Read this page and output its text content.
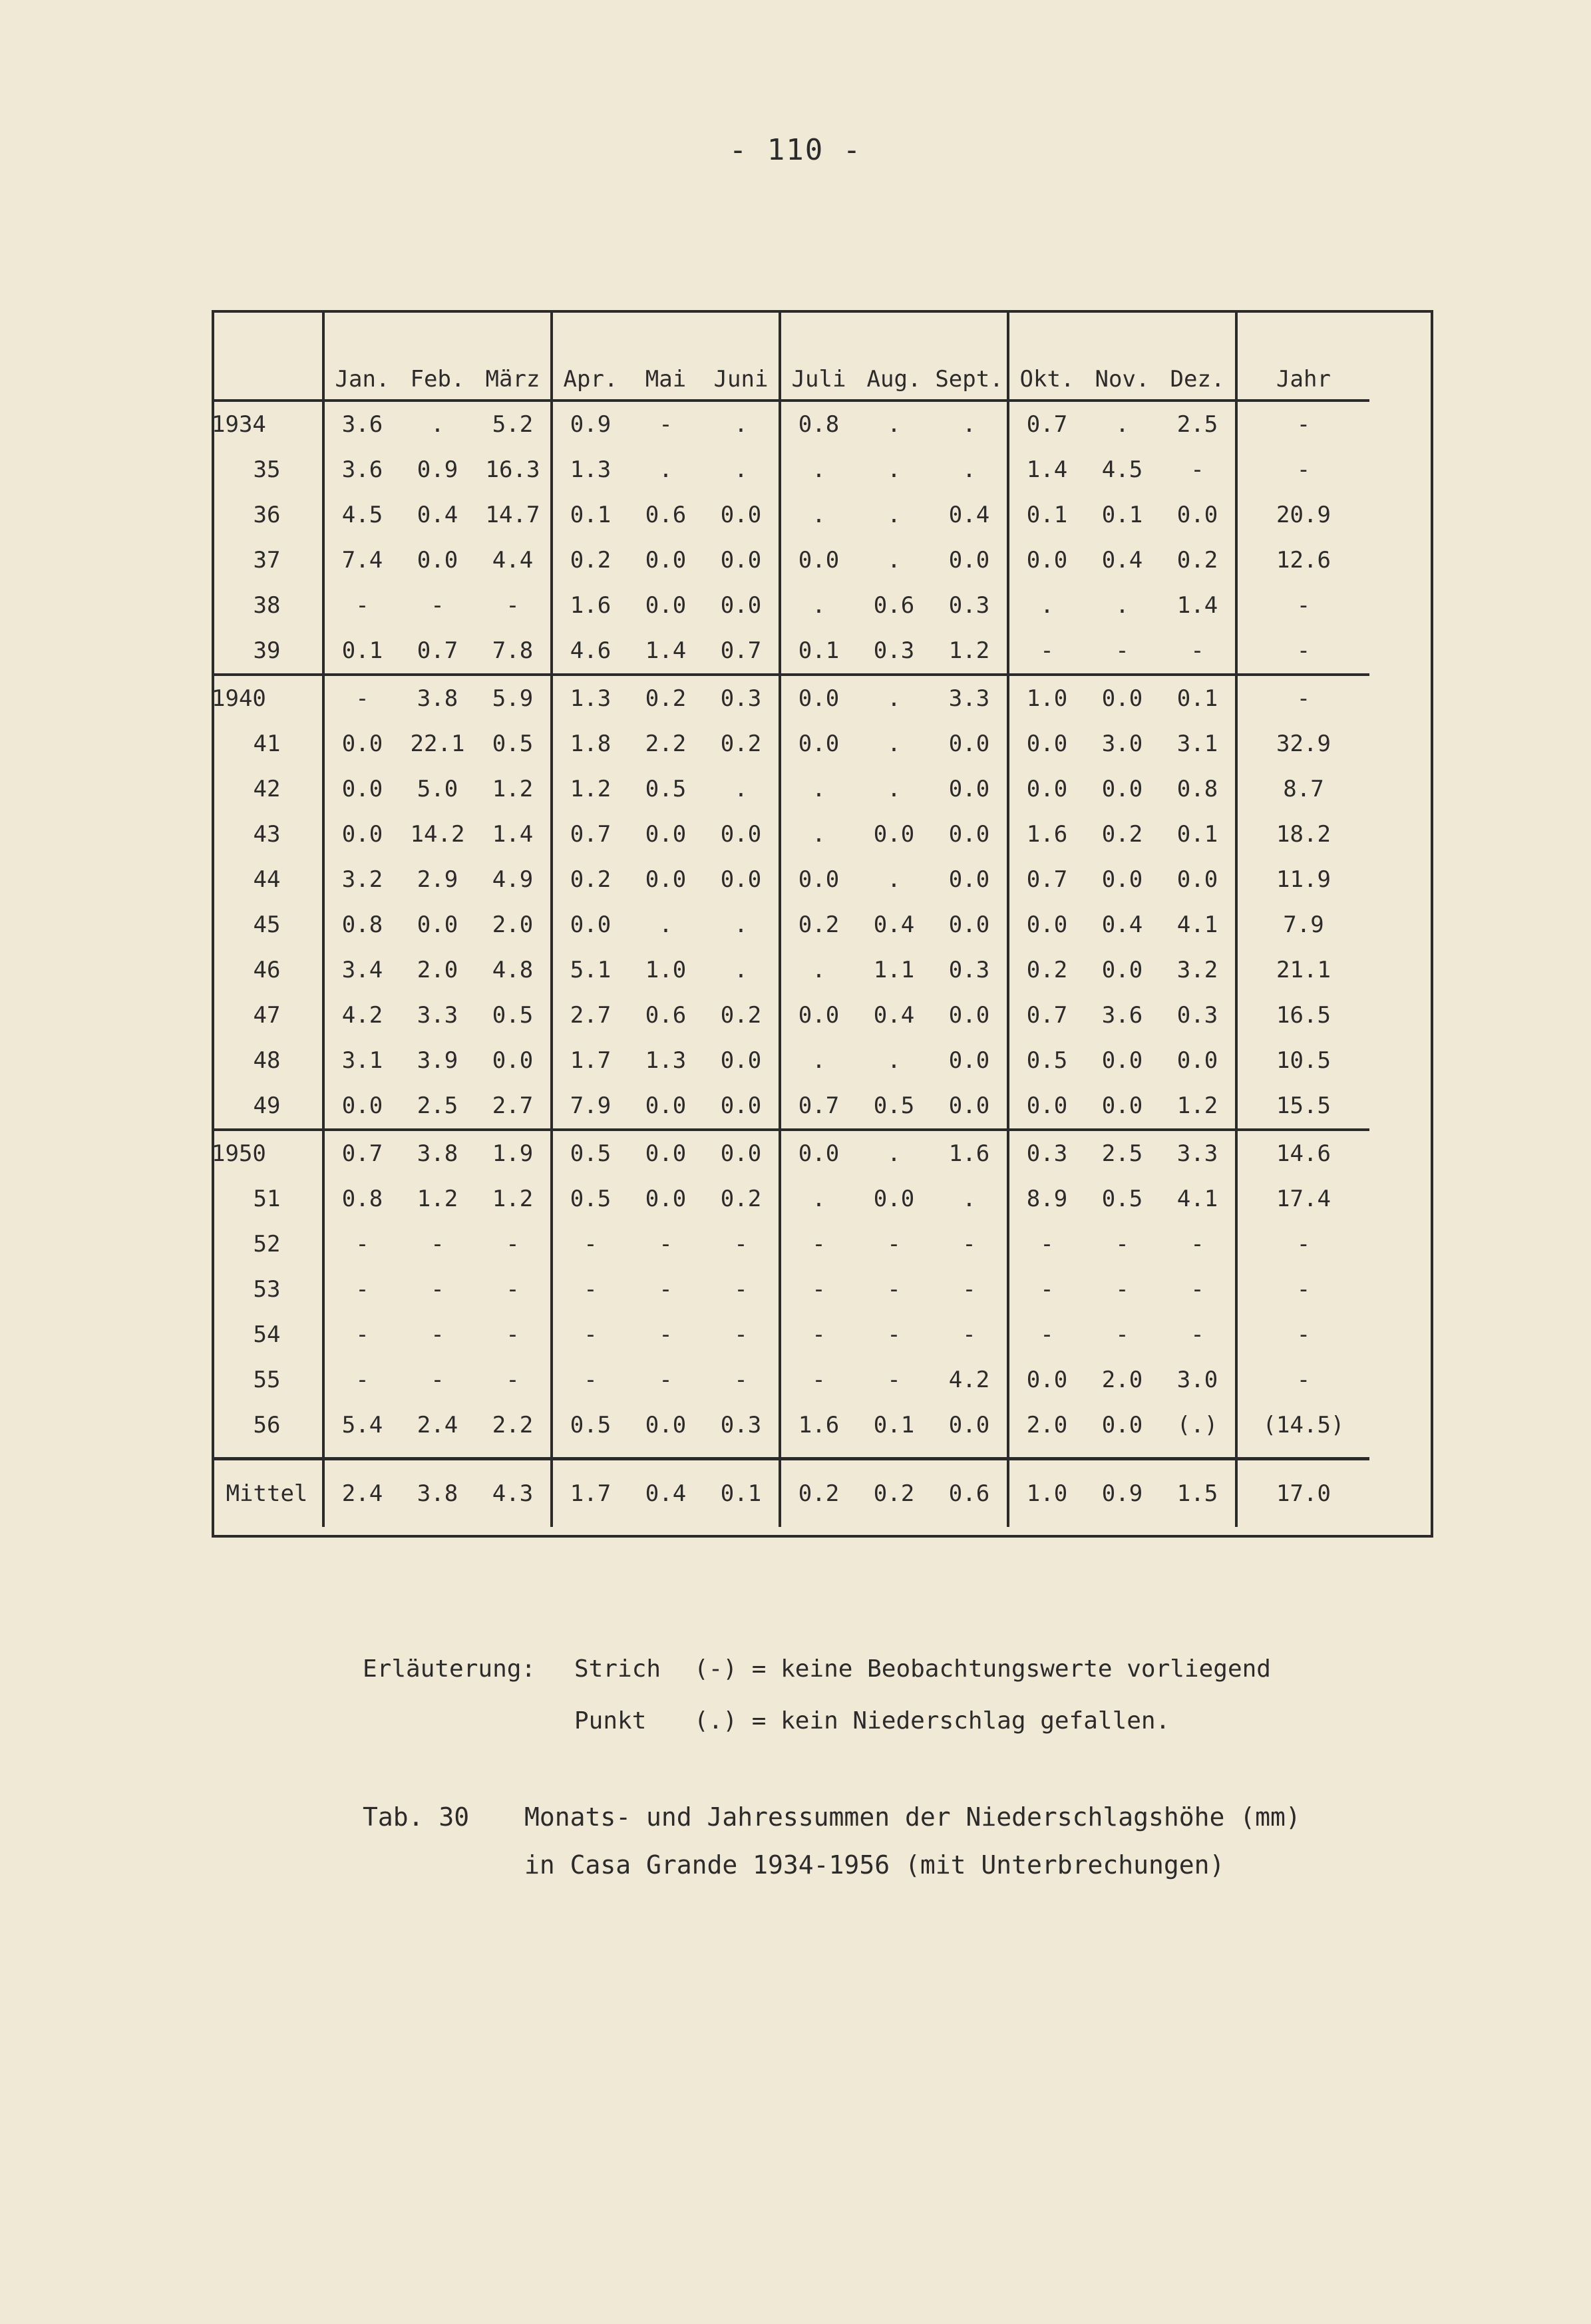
- 110 -
	Jan.	Feb.	März	Apr.	Mai	Juni	Juli	Aug.	Sept.	Okt.	Nov.	Dez.	Jahr
1934	3.6	.	5.2	0.9	-	.	0.8	.	.	0.7	.	2.5	-
35	3.6	0.9	16.3	1.3	.	.	.	.	.	1.4	4.5	-	-
36	4.5	0.4	14.7	0.1	0.6	0.0	.	.	0.4	0.1	0.1	0.0	20.9
37	7.4	0.0	4.4	0.2	0.0	0.0	0.0	.	0.0	0.0	0.4	0.2	12.6
38	-	-	-	1.6	0.0	0.0	.	0.6	0.3	.	.	1.4	-
39	0.1	0.7	7.8	4.6	1.4	0.7	0.1	0.3	1.2	-	-	-	-
1940	-	3.8	5.9	1.3	0.2	0.3	0.0	.	3.3	1.0	0.0	0.1	-
41	0.0	22.1	0.5	1.8	2.2	0.2	0.0	.	0.0	0.0	3.0	3.1	32.9
42	0.0	5.0	1.2	1.2	0.5	.	.	.	0.0	0.0	0.0	0.8	8.7
43	0.0	14.2	1.4	0.7	0.0	0.0	.	0.0	0.0	1.6	0.2	0.1	18.2
44	3.2	2.9	4.9	0.2	0.0	0.0	0.0	.	0.0	0.7	0.0	0.0	11.9
45	0.8	0.0	2.0	0.0	.	.	0.2	0.4	0.0	0.0	0.4	4.1	7.9
46	3.4	2.0	4.8	5.1	1.0	.	.	1.1	0.3	0.2	0.0	3.2	21.1
47	4.2	3.3	0.5	2.7	0.6	0.2	0.0	0.4	0.0	0.7	3.6	0.3	16.5
48	3.1	3.9	0.0	1.7	1.3	0.0	.	.	0.0	0.5	0.0	0.0	10.5
49	0.0	2.5	2.7	7.9	0.0	0.0	0.7	0.5	0.0	0.0	0.0	1.2	15.5
1950	0.7	3.8	1.9	0.5	0.0	0.0	0.0	.	1.6	0.3	2.5	3.3	14.6
51	0.8	1.2	1.2	0.5	0.0	0.2	.	0.0	.	8.9	0.5	4.1	17.4
52	-	-	-	-	-	-	-	-	-	-	-	-	-
53	-	-	-	-	-	-	-	-	-	-	-	-	-
54	-	-	-	-	-	-	-	-	-	-	-	-	-
55	-	-	-	-	-	-	-	-	4.2	0.0	2.0	3.0	-
56	5.4	2.4	2.2	0.5	0.0	0.3	1.6	0.1	0.0	2.0	0.0	(.)	(14.5)

Mittel	2.4	3.8	4.3	1.7	0.4	0.1	0.2	0.2	0.6	1.0	0.9	1.5	17.0
Erläuterung:	Strich	(-)
= keine Beobachtungswerte vorliegend
Punkt	(.)
= kein Niederschlag gefallen.
Tab. 30	Monats- und Jahressummen der Niederschlagshöhe (mm)
in Casa Grande 1934-1956 (mit Unterbrechungen)
